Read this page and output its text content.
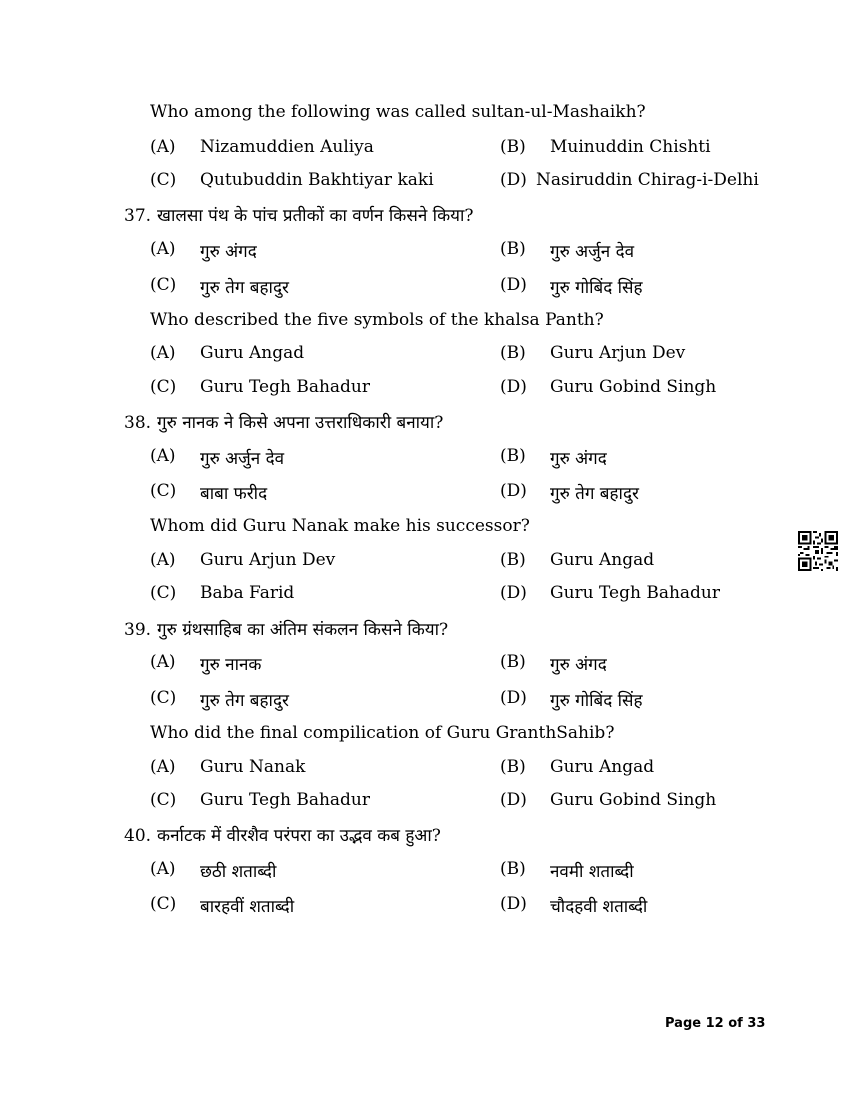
Who among the following was called sultan-ul-Mashaikh?
(A) Nizamuddien Auliya	(B) Muinuddin Chishti
(C) Qutubuddin Bakhtiyar kaki	(D) Nasiruddin Chirag-i-Delhi
37. खालसा पंथ के पांच प्रतीकों का वर्णन किसने किया?
(A) गुरु अंगद	(B) गुरु अर्जुन देव
(C) गुरु तेग बहादुर	(D) गुरु गोबिंद सिंह
Who described the five symbols of the khalsa Panth?
(A) Guru Angad	(B) Guru Arjun Dev
(C) Guru Tegh Bahadur	(D) Guru Gobind Singh
38. गुरु नानक ने किसे अपना उत्तराधिकारी बनाया?
(A) गुरु अर्जुन देव	(B) गुरु अंगद
(C) बाबा फरीद	(D) गुरु तेग बहादुर
Whom did Guru Nanak make his successor?
(A) Guru Arjun Dev	(B) Guru Angad
(C) Baba Farid	(D) Guru Tegh Bahadur
39. गुरु ग्रंथसाहिब का अंतिम संकलन किसने किया?
(A) गुरु नानक	(B) गुरु अंगद
(C) गुरु तेग बहादुर	(D) गुरु गोबिंद सिंह
Who did the final compilication of Guru GranthSahib?
(A) Guru Nanak	(B) Guru Angad
(C) Guru Tegh Bahadur	(D) Guru Gobind Singh
40. कर्नाटक में वीरशैव परंपरा का उद्भव कब हुआ?
(A) छठी शताब्दी	(B) नवमी शताब्दी
(C) बारहवीं शताब्दी	(D) चौदहवी शताब्दी
Page 12 of 33
